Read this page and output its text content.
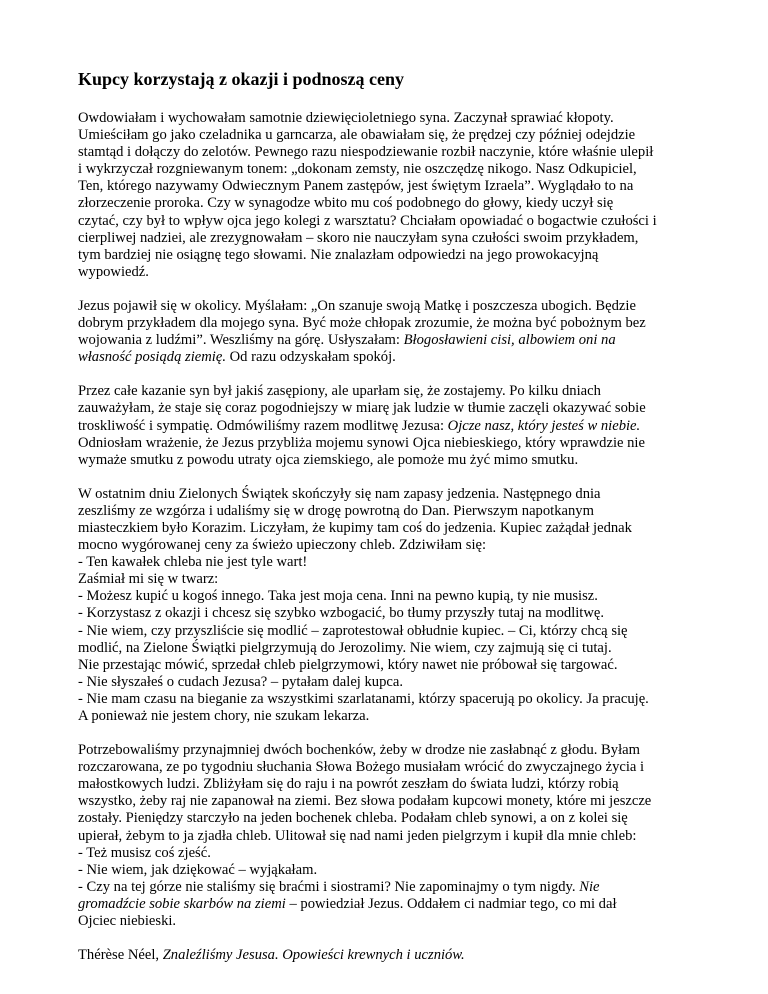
Kupcy korzystają z okazji i podnoszą ceny

Owdowiałam i wychowałam samotnie dziewięcioletniego syna. Zaczynał sprawiać kłopoty.
Umieściłam go jako czeladnika u garncarza, ale obawiałam się, że prędzej czy później odejdzie
stamtąd i dołączy do zelotów. Pewnego razu niespodziewanie rozbił naczynie, które właśnie ulepił
i wykrzyczał rozgniewanym tonem: „dokonam zemsty, nie oszczędzę nikogo. Nasz Odkupiciel,
Ten, którego nazywamy Odwiecznym Panem zastępów, jest świętym Izraela”. Wyglądało to na
złorzeczenie proroka. Czy w synagodze wbito mu coś podobnego do głowy, kiedy uczył się
czytać, czy był to wpływ ojca jego kolegi z warsztatu? Chciałam opowiadać o bogactwie czułości i
cierpliwej nadziei, ale zrezygnowałam – skoro nie nauczyłam syna czułości swoim przykładem,
tym bardziej nie osiągnę tego słowami. Nie znalazłam odpowiedzi na jego prowokacyjną
wypowiedź.

Jezus pojawił się w okolicy. Myślałam: „On szanuje swoją Matkę i poszczesza ubogich. Będzie
dobrym przykładem dla mojego syna. Być może chłopak zrozumie, że można być pobożnym bez
wojowania z ludźmi”. Weszliśmy na górę. Usłyszałam: Błogosławieni cisi, albowiem oni na
własność posiądą ziemię. Od razu odzyskałam spokój.

Przez całe kazanie syn był jakiś zasępiony, ale uparłam się, że zostajemy. Po kilku dniach
zauważyłam, że staje się coraz pogodniejszy w miarę jak ludzie w tłumie zaczęli okazywać sobie
troskliwość i sympatię. Odmówiliśmy razem modlitwę Jezusa: Ojcze nasz, który jesteś w niebie.
Odniosłam wrażenie, że Jezus przybliża mojemu synowi Ojca niebieskiego, który wprawdzie nie
wymaże smutku z powodu utraty ojca ziemskiego, ale pomoże mu żyć mimo smutku.

W ostatnim dniu Zielonych Świątek skończyły się nam zapasy jedzenia. Następnego dnia
zeszliśmy ze wzgórza i udaliśmy się w drogę powrotną do Dan. Pierwszym napotkanym
miasteczkiem było Korazim. Liczyłam, że kupimy tam coś do jedzenia. Kupiec zażądał jednak
mocno wygórowanej ceny za świeżo upieczony chleb. Zdziwiłam się:
- Ten kawałek chleba nie jest tyle wart!
Zaśmiał mi się w twarz:
- Możesz kupić u kogoś innego. Taka jest moja cena. Inni na pewno kupią, ty nie musisz.
- Korzystasz z okazji i chcesz się szybko wzbogacić, bo tłumy przyszły tutaj na modlitwę.
- Nie wiem, czy przyszliście się modlić – zaprotestował obłudnie kupiec. – Ci, którzy chcą się
modlić, na Zielone Świątki pielgrzymują do Jerozolimy. Nie wiem, czy zajmują się ci tutaj.
Nie przestając mówić, sprzedał chleb pielgrzymowi, który nawet nie próbował się targować.
- Nie słyszałeś o cudach Jezusa? – pytałam dalej kupca.
- Nie mam czasu na bieganie za wszystkimi szarlatanami, którzy spacerują po okolicy. Ja pracuję.
A ponieważ nie jestem chory, nie szukam lekarza.

Potrzebowaliśmy przynajmniej dwóch bochenków, żeby w drodze nie zasłabnąć z głodu. Byłam
rozczarowana, ze po tygodniu słuchania Słowa Bożego musiałam wrócić do zwyczajnego życia i
małostkowych ludzi. Zbliżyłam się do raju i na powrót zeszłam do świata ludzi, którzy robią
wszystko, żeby raj nie zapanował na ziemi. Bez słowa podałam kupcowi monety, które mi jeszcze
zostały. Pieniędzy starczyło na jeden bochenek chleba. Podałam chleb synowi, a on z kolei się
upierał, żebym to ja zjadła chleb. Ulitował się nad nami jeden pielgrzym i kupił dla mnie chleb:
- Też musisz coś zjeść.
- Nie wiem, jak dziękować – wyjąkałam.
- Czy na tej górze nie staliśmy się braćmi i siostrami? Nie zapominajmy o tym nigdy. Nie
gromadźcie sobie skarbów na ziemi – powiedział Jezus. Oddałem ci nadmiar tego, co mi dał
Ojciec niebieski.

Thérèse Néel, Znaleźliśmy Jesusa. Opowieści krewnych i uczniów.
